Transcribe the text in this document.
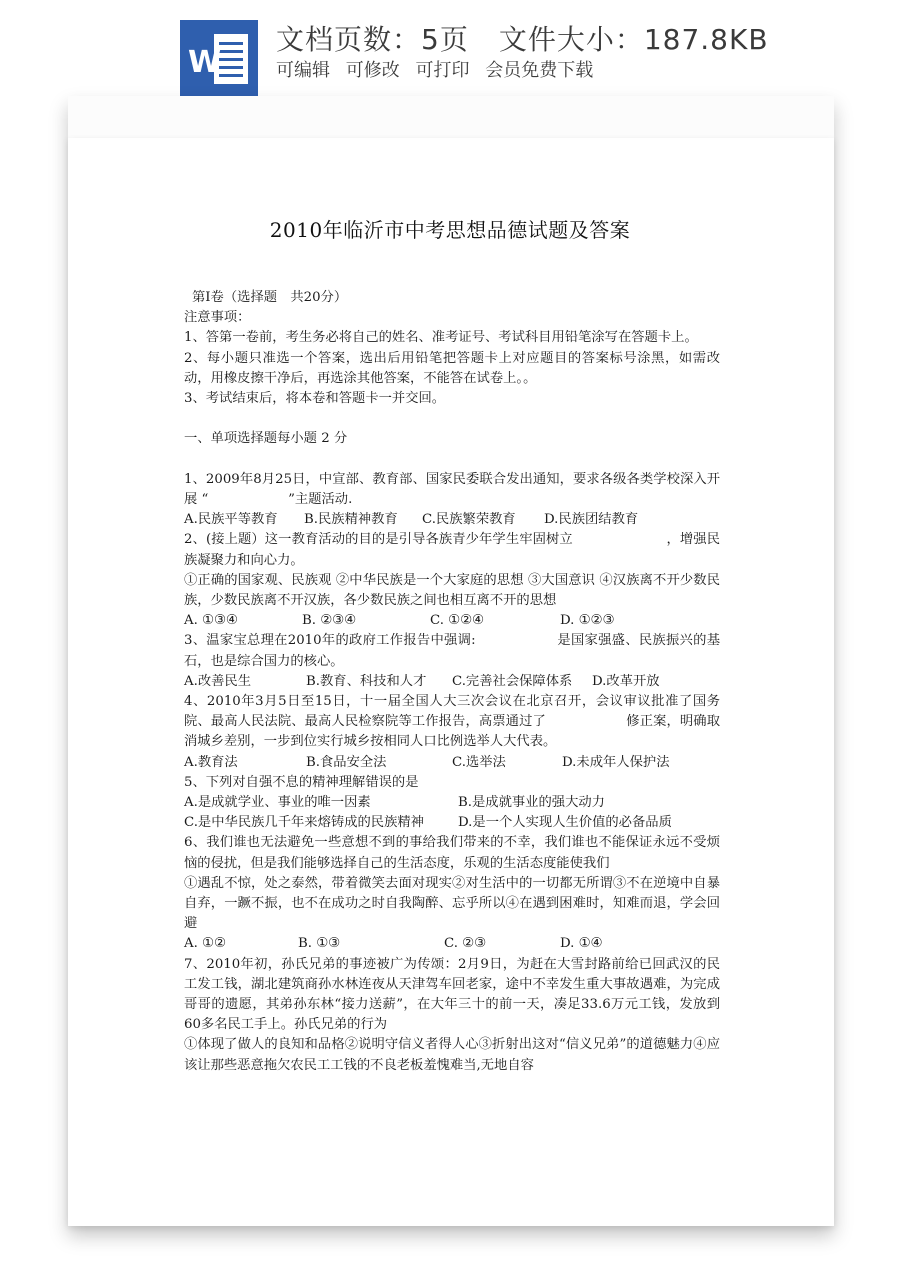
W
文档页数：5页 文件大小：187.8KB
可编辑 可修改 可打印 会员免费下载
2010年临沂市中考思想品德试题及答案

第Ⅰ卷（选择题　共20分）

注意事项：

1、答第一卷前，考生务必将自己的姓名、准考证号、考试科目用铅笔涂写在答题卡上。

2、每小题只准选一个答案，选出后用铅笔把答题卡上对应题目的答案标号涂黑，如需改动，用橡皮擦干净后，再选涂其他答案，不能答在试卷上。。

3、考试结束后，将本卷和答题卡一并交回。

一、单项选择题每小题 2 分

1、2009年8月25日，中宣部、教育部、国家民委联合发出通知，要求各级各类学校深入开展 “　　　　　　”主题活动.

A.民族平等教育	B.民族精神教育	C.民族繁荣教育	D.民族团结教育

2、(接上题）这一教育活动的目的是引导各族青少年学生牢固树立　　　　　　　，增强民族凝聚力和向心力。

①正确的国家观、民族观 ②中华民族是一个大家庭的思想 ③大国意识 ④汉族离不开少数民族，少数民族离不开汉族，各少数民族之间也相互离不开的思想

A. ①③④	B. ②③④	C. ①②④	D. ①②③

3、温家宝总理在2010年的政府工作报告中强调:　　　　　　是国家强盛、民族振兴的基石，也是综合国力的核心。

A.改善民生	B.教育、科技和人才	C.完善社会保障体系	D.改革开放

4、2010年3月5日至15日，十一届全国人大三次会议在北京召开，会议审议批准了国务院、最高人民法院、最高人民检察院等工作报告，高票通过了　　　　　　修正案，明确取消城乡差别，一步到位实行城乡按相同人口比例选举人大代表。

A.教育法	B.食品安全法	C.选举法	D.未成年人保护法

5、下列对自强不息的精神理解错误的是

A.是成就学业、事业的唯一因素	B.是成就事业的强大动力
C.是中华民族几千年来熔铸成的民族精神	D.是一个人实现人生价值的必备品质

6、我们谁也无法避免一些意想不到的事给我们带来的不幸，我们谁也不能保证永远不受烦恼的侵扰，但是我们能够选择自己的生活态度，乐观的生活态度能使我们

①遇乱不惊，处之泰然，带着微笑去面对现实②对生活中的一切都无所谓③不在逆境中自暴自弃，一蹶不振，也不在成功之时自我陶醉、忘乎所以④在遇到困难时，知难而退，学会回避

A. ①②	B. ①③	C. ②③	D. ①④

7、2010年初，孙氏兄弟的事迹被广为传颂：2月9日，为赶在大雪封路前给已回武汉的民工发工钱，湖北建筑商孙水林连夜从天津驾车回老家，途中不幸发生重大事故遇难，为完成哥哥的遗愿，其弟孙东林“接力送薪”，在大年三十的前一天，凑足33.6万元工钱，发放到60多名民工手上。孙氏兄弟的行为

①体现了做人的良知和品格②说明守信义者得人心③折射出这对“信义兄弟”的道德魅力④应该让那些恶意拖欠农民工工钱的不良老板羞愧难当,无地自容
